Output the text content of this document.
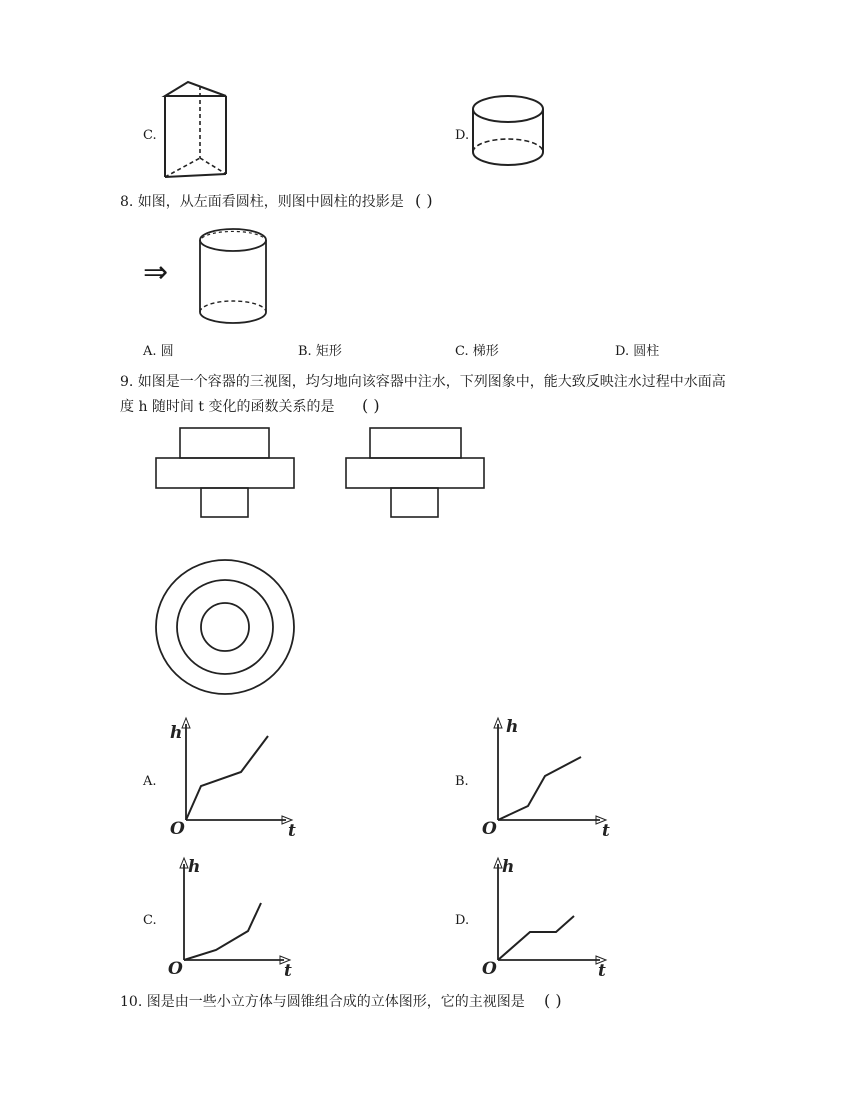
C.	D.
8. 如图，从左面看圆柱，则图中圆柱的投影是 ( )
⇒
A. 圆	B. 矩形	C. 梯形	D. 圆柱
9. 如图是一个容器的三视图，均匀地向该容器中注水，下列图象中，能大致反映注水过程中水面高
度 h 随时间 t 变化的函数关系的是 ( )
A.
h
O	t
B.
h
O	t
C.
h
O	t
D.
h
O	t
10. 图是由一些小立方体与圆锥组合成的立体图形，它的主视图是 ( )
